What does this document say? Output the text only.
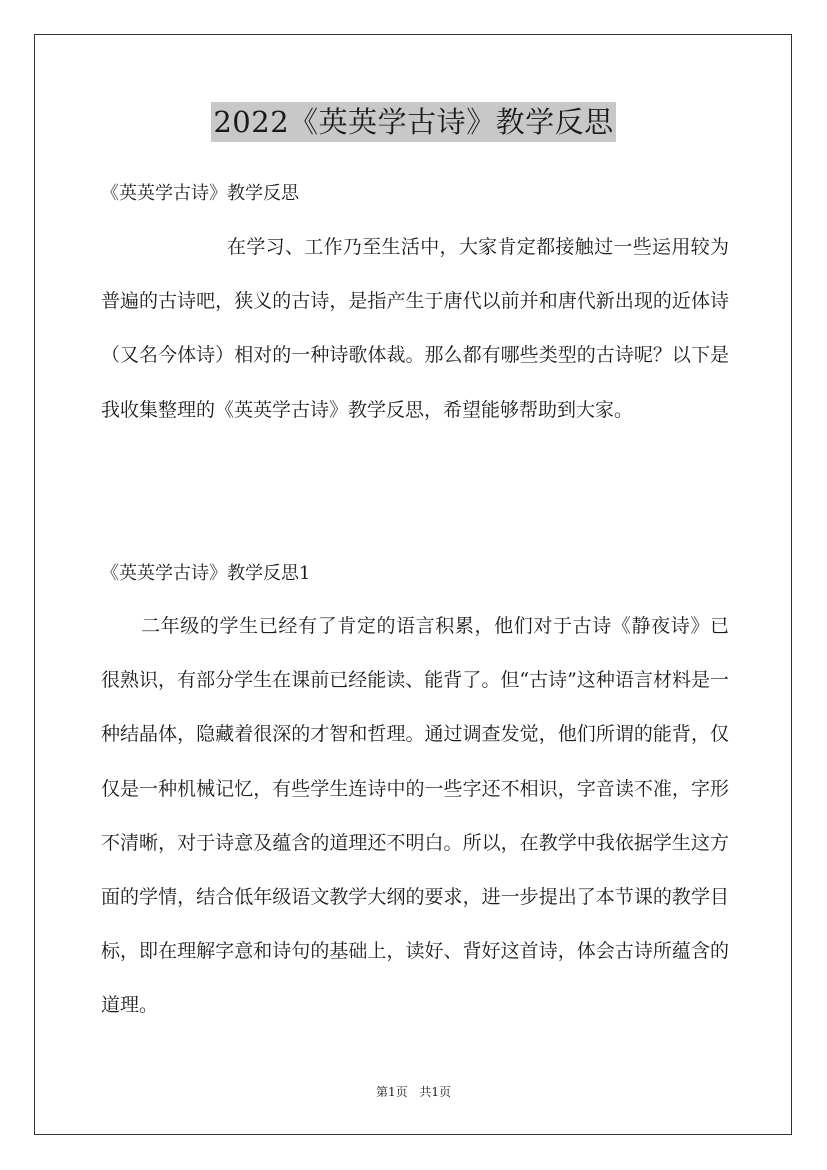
2022《英英学古诗》教学反思

《英英学古诗》教学反思

在学习、工作乃至生活中，大家肯定都接触过一些运用较为普遍的古诗吧，狭义的古诗，是指产生于唐代以前并和唐代新出现的近体诗（又名今体诗）相对的一种诗歌体裁。那么都有哪些类型的古诗呢？以下是我收集整理的《英英学古诗》教学反思，希望能够帮助到大家。

《英英学古诗》教学反思1

二年级的学生已经有了肯定的语言积累，他们对于古诗《静夜诗》已很熟识，有部分学生在课前已经能读、能背了。但“古诗”这种语言材料是一种结晶体，隐藏着很深的才智和哲理。通过调查发觉，他们所谓的能背，仅仅是一种机械记忆，有些学生连诗中的一些字还不相识，字音读不准，字形不清晰，对于诗意及蕴含的道理还不明白。所以，在教学中我依据学生这方面的学情，结合低年级语文教学大纲的要求，进一步提出了本节课的教学目标，即在理解字意和诗句的基础上，读好、背好这首诗，体会古诗所蕴含的道理。

第1页 共1页
